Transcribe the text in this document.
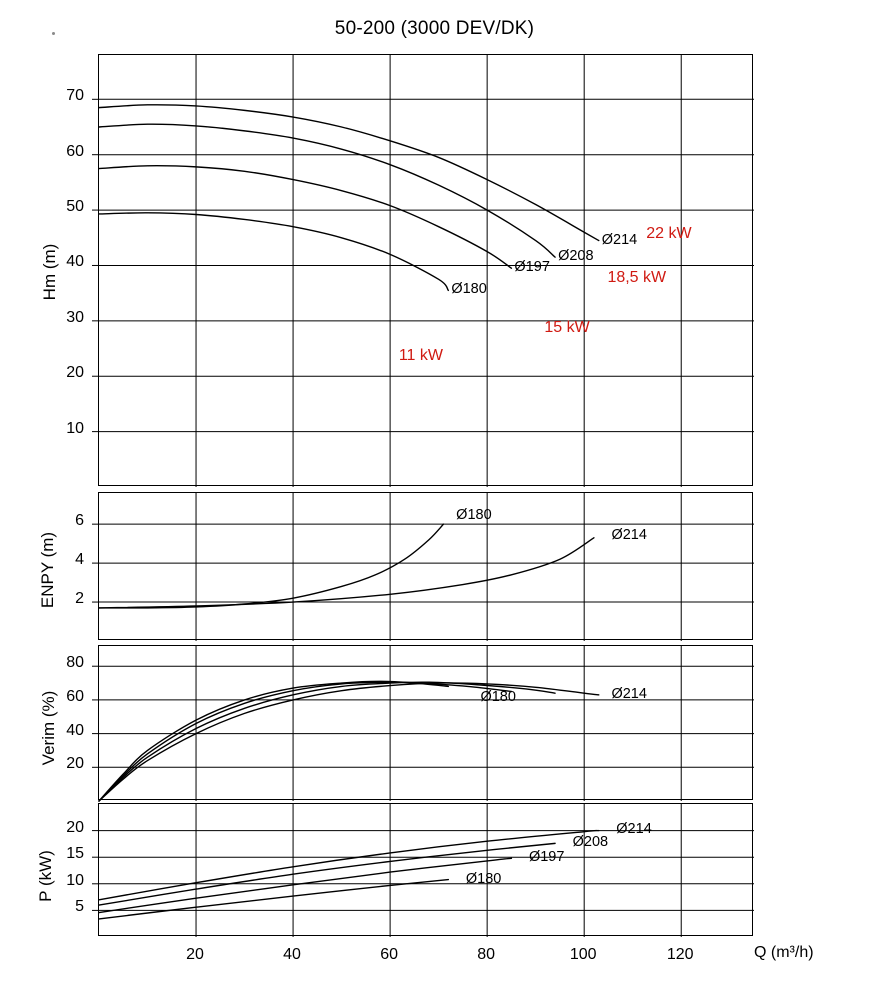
50-200 (3000 DEV/DK)
Hm (m)
ENPY (m)
Verim (%)
P (kW)
Q (m³/h)
10
20
30
40
50
60
70
2
4
6
20
40
60
80
20	40	60	80	100	120
5
10
15
20
Ø214
Ø208
Ø197
Ø180
22 kW
18,5 kW
15 kW
11 kW
Ø180
Ø214
Ø180	Ø214
Ø214
Ø208
Ø197
Ø180
